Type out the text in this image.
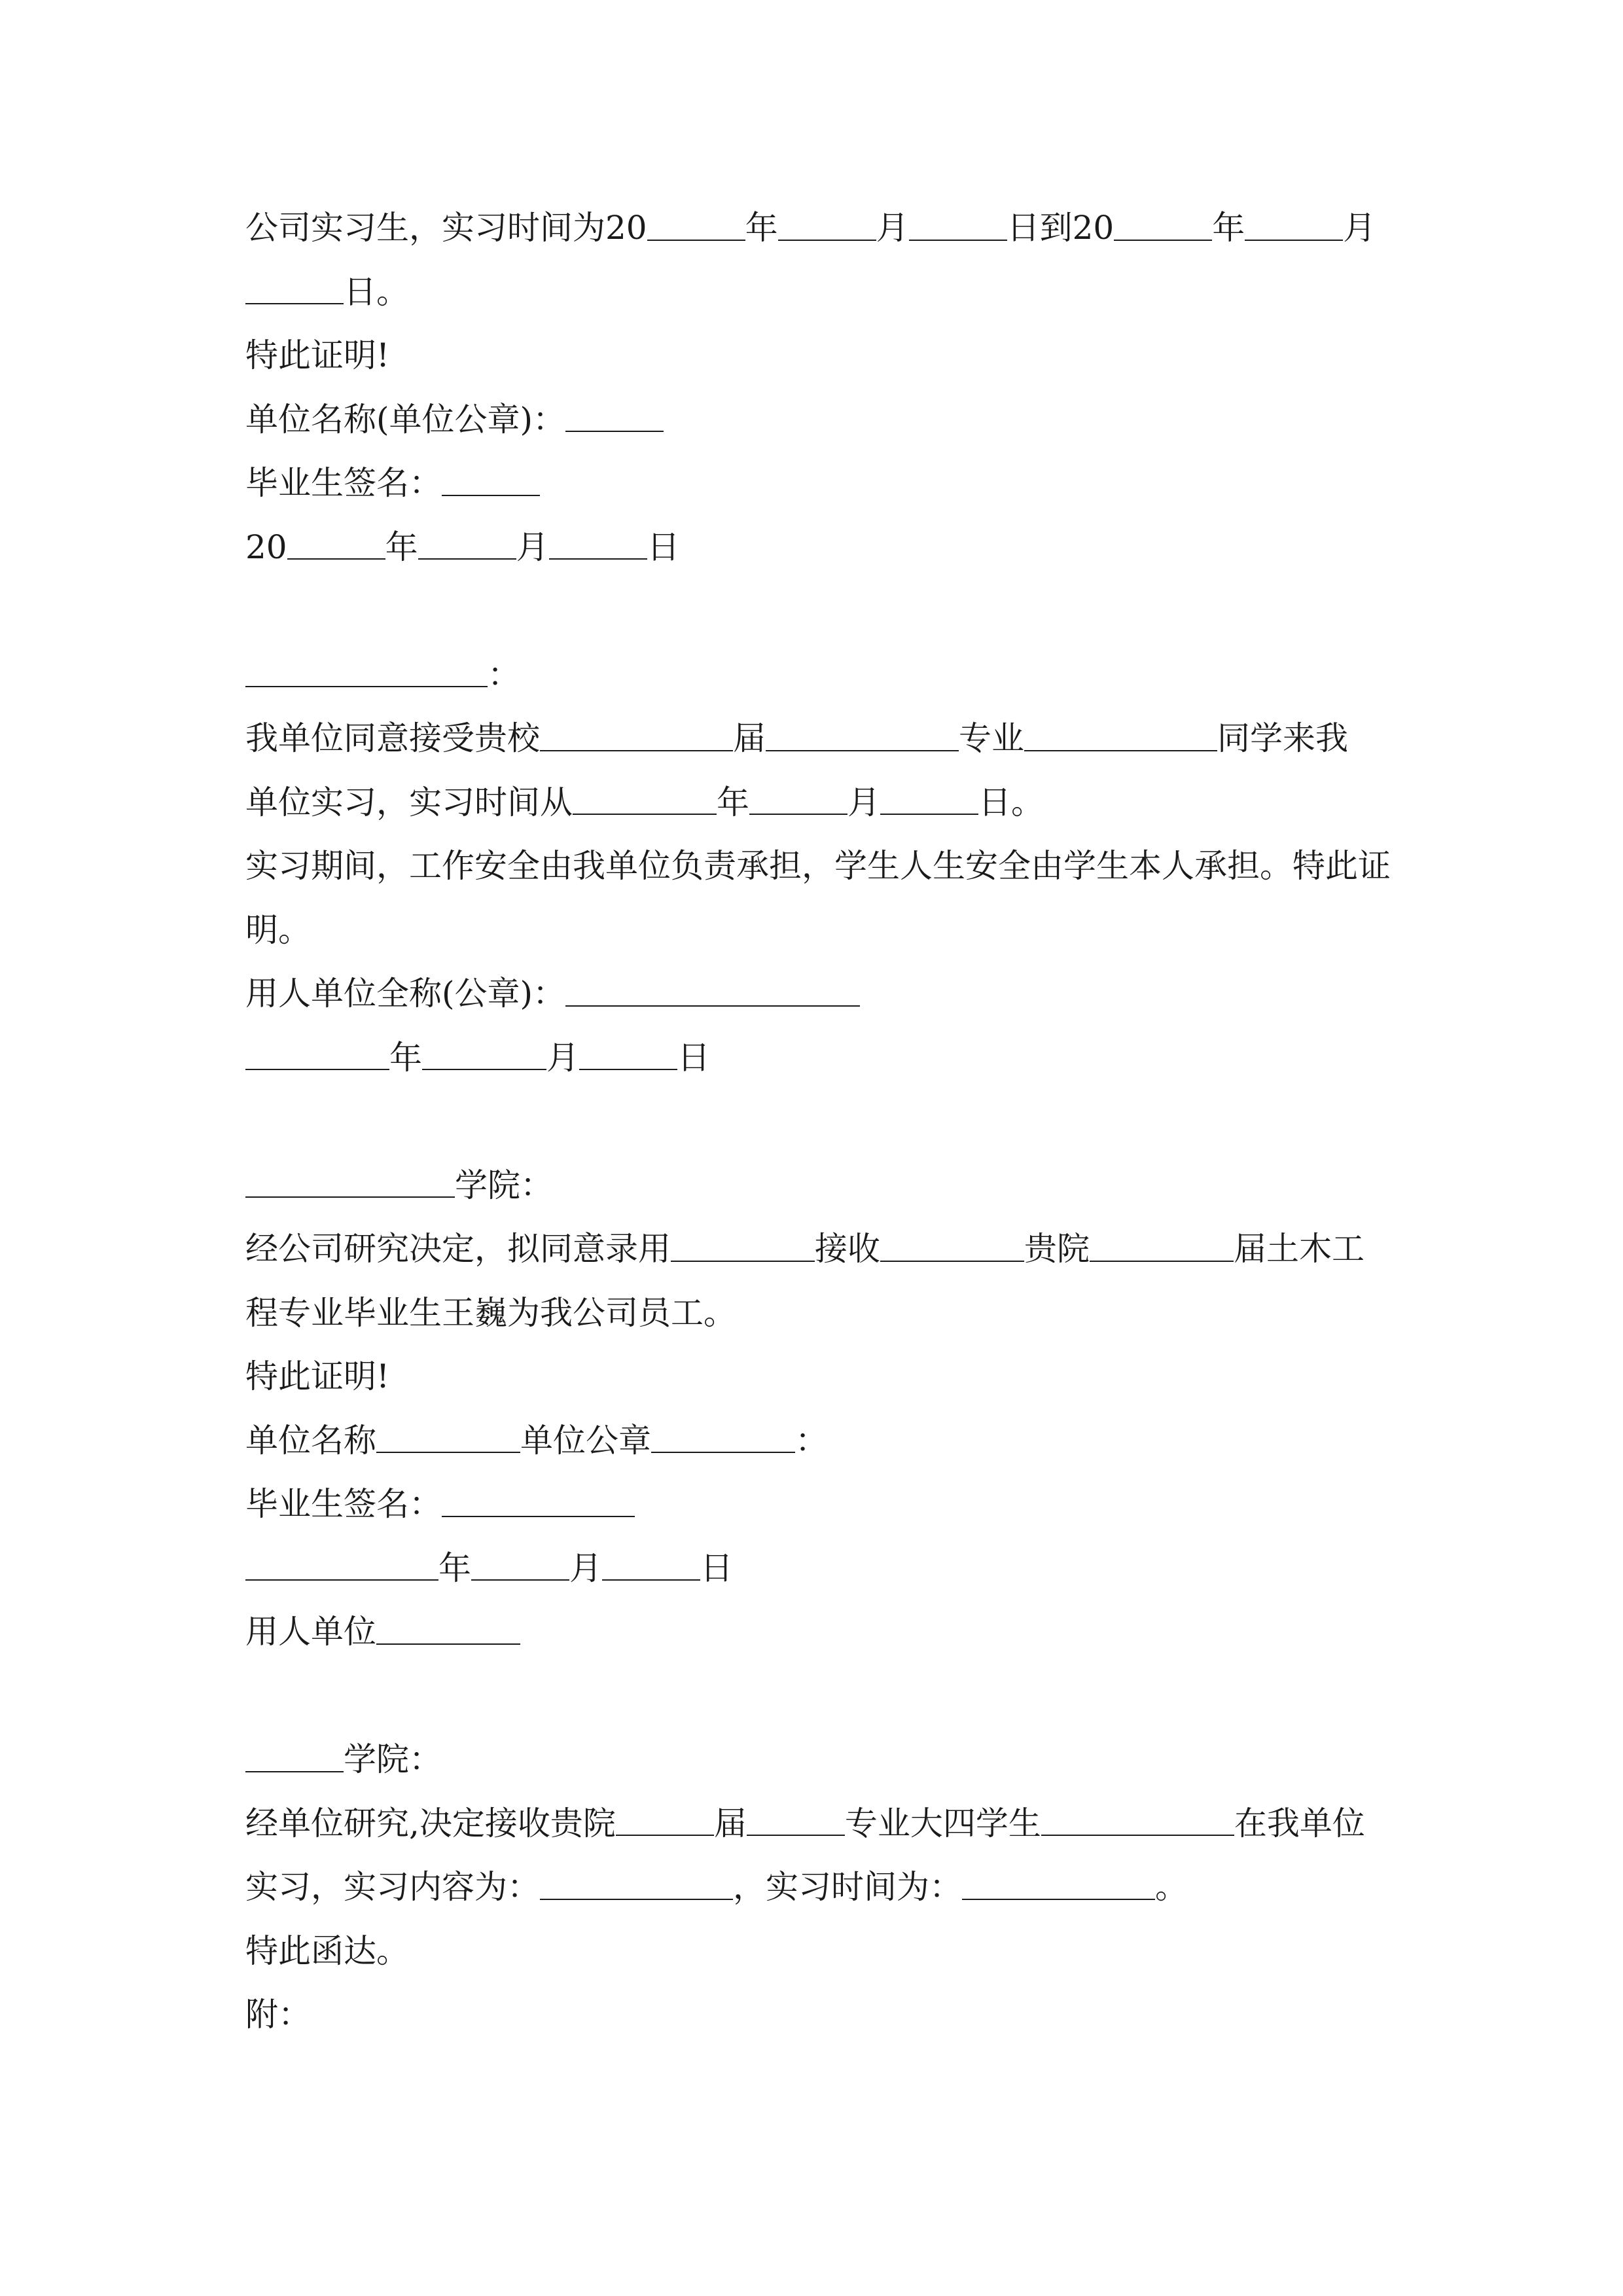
公司实习生，实习时间为20	年	月	日到20	年	月
日。
特此证明!
单位名称(单位公章)：
毕业生签名：
20	年	月	日
：
我单位同意接受贵校	届	专业	同学来我
单位实习，实习时间从	年	月	日。
实习期间，工作安全由我单位负责承担，学生人生安全由学生本人承担。特此证
明。
用人单位全称(公章)：
年	月	日
学院：
经公司研究决定，拟同意录用	接收	贵院	届土木工
程专业毕业生王巍为我公司员工。
特此证明!
单位名称	单位公章	：
毕业生签名：
年	月	日
用人单位
学院：
经单位研究,决定接收贵院	届	专业大四学生	在我单位
实习，实习内容为：	，实习时间为：	。
特此函达。
附：
